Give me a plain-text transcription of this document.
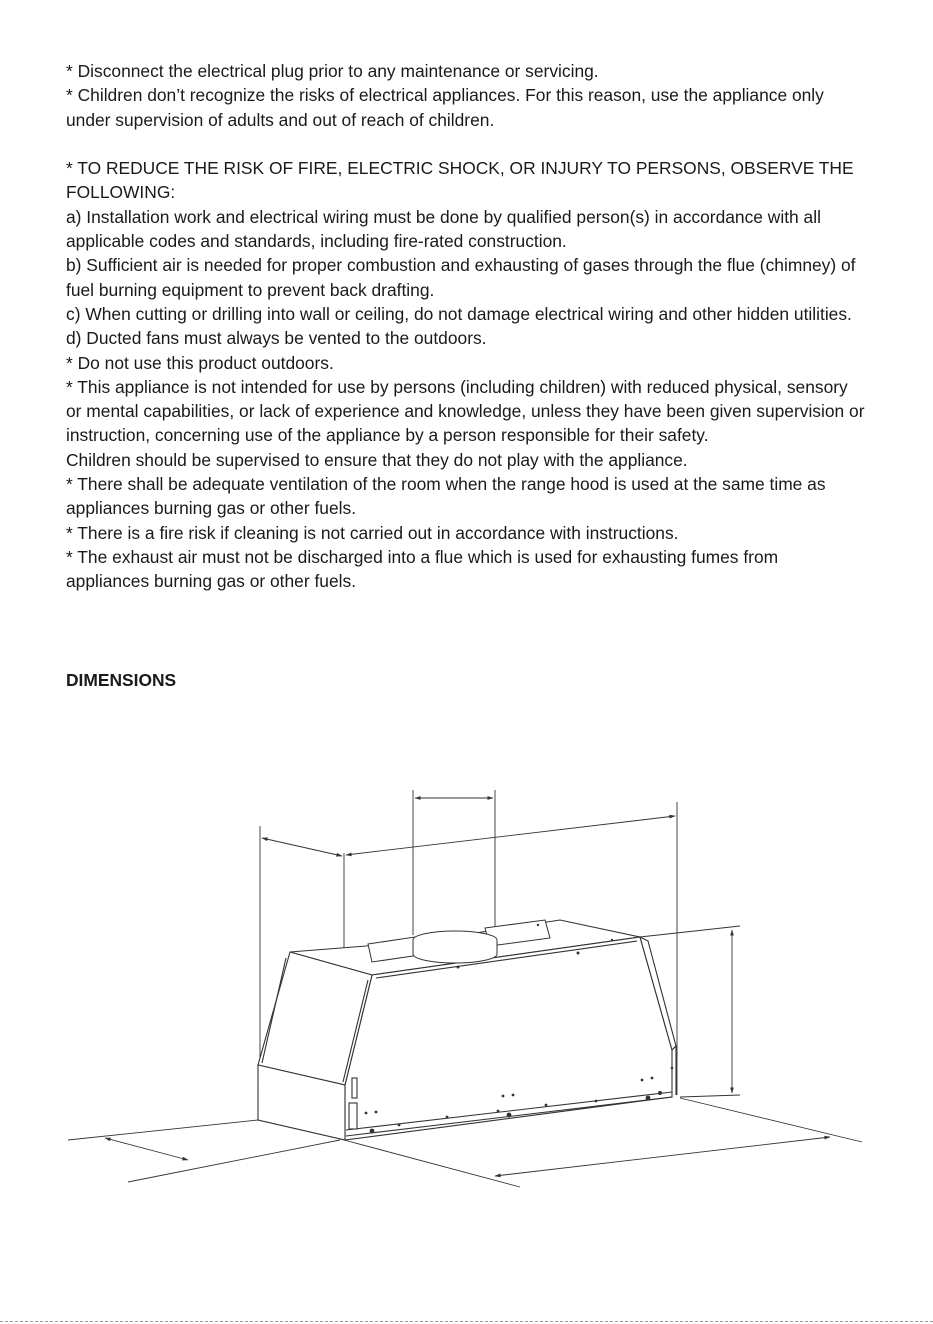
* Disconnect the electrical plug prior to any maintenance or servicing.

* Children don’t recognize the risks of electrical appliances. For this reason, use the appliance only under supervision of adults and out of reach of children.

* TO REDUCE THE RISK OF FIRE, ELECTRIC SHOCK, OR INJURY TO PERSONS, OBSERVE THE FOLLOWING:

a) Installation work and electrical wiring must be done by qualified person(s) in accordance with all applicable codes and standards, including fire-rated construction.

b) Sufficient air is needed for proper combustion and exhausting of gases through the flue (chimney) of fuel burning equipment to prevent back drafting.

c) When cutting or drilling into wall or ceiling, do not damage electrical wiring and other hidden utilities.

d) Ducted fans must always be vented to the outdoors.

* Do not use this product outdoors.

* This appliance is not intended for use by persons (including children) with reduced physical, sensory or mental capabilities, or lack of experience and knowledge, unless they have been given supervision or instruction, concerning use of the appliance by a person responsible for their safety.

Children should be supervised to ensure that they do not play with the appliance.

* There shall be adequate ventilation of the room when the range hood is used at the same time as appliances burning gas or other fuels.

* There is a fire risk if cleaning is not carried out in accordance with instructions.

* The exhaust air must not be discharged into a flue which is used for exhausting fumes from appliances burning gas or other fuels.

DIMENSIONS
